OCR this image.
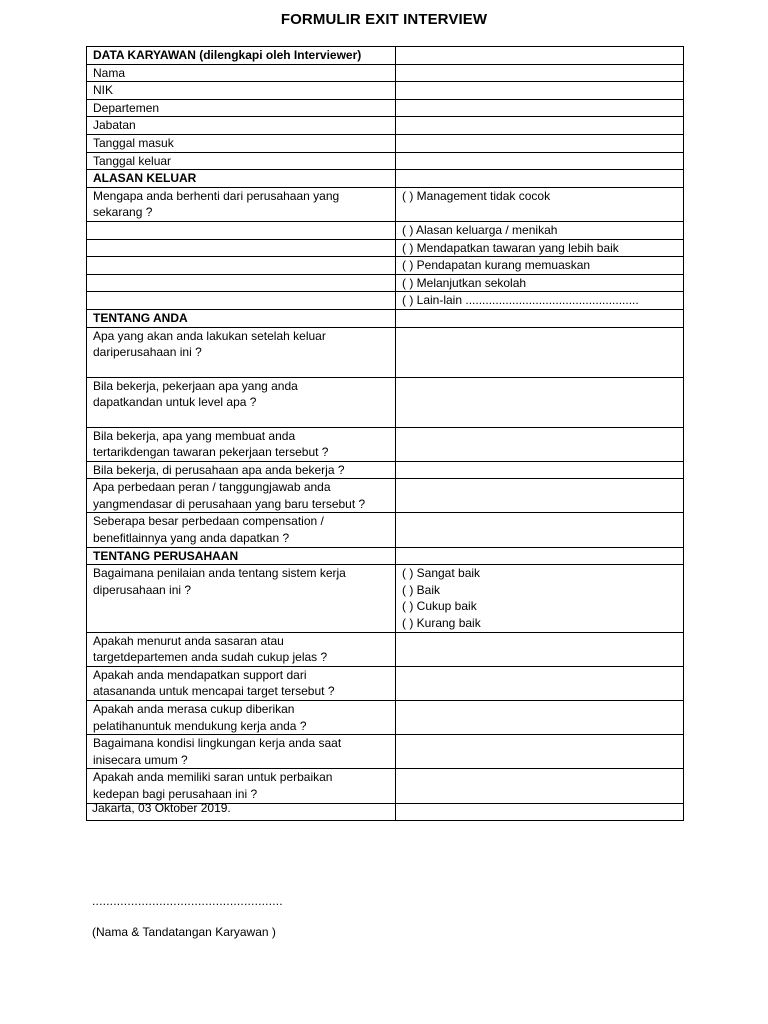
FORMULIR EXIT INTERVIEW
DATA KARYAWAN (dilengkapi oleh Interviewer)	
Nama	
NIK	
Departemen	
Jabatan	
Tanggal masuk	
Tanggal keluar	
ALASAN KELUAR	
Mengapa anda berhenti dari perusahaan yang sekarang ?	( ) Management tidak cocok

	( ) Alasan keluarga / menikah

	( ) Mendapatkan tawaran yang lebih baik

	( ) Pendapatan kurang memuaskan

	( ) Melanjutkan sekolah

	( ) Lain-lain ....................................................

TENTANG ANDA	
Apa yang akan anda lakukan setelah keluar
dariperusahaan ini ?	
Bila bekerja, pekerjaan apa yang anda
dapatkandan untuk level apa ?	
Bila bekerja, apa yang membuat anda
tertarikdengan tawaran pekerjaan tersebut ?	
Bila bekerja, di perusahaan apa anda bekerja ?	
Apa perbedaan peran / tanggungjawab anda
yangmendasar di perusahaan yang baru tersebut ?	
Seberapa besar perbedaan compensation /
benefitlainnya yang anda dapatkan ?	
TENTANG PERUSAHAAN	
Bagaimana penilaian anda tentang sistem kerja
diperusahaan ini ?	( ) Sangat baik
( ) Baik
( ) Cukup baik
( ) Kurang baik

Apakah menurut anda sasaran atau
targetdepartemen anda sudah cukup jelas ?	
Apakah anda mendapatkan support dari
atasananda untuk mencapai target tersebut ?	
Apakah anda merasa cukup diberikan
pelatihanuntuk mendukung kerja anda ?	
Bagaimana kondisi lingkungan kerja anda saat
inisecara umum ?	
Apakah anda memiliki saran untuk perbaikan
kedepan bagi perusahaan ini ?	

Jakarta, 03 Oktober 2019.
......................................................
(Nama & Tandatangan Karyawan )
